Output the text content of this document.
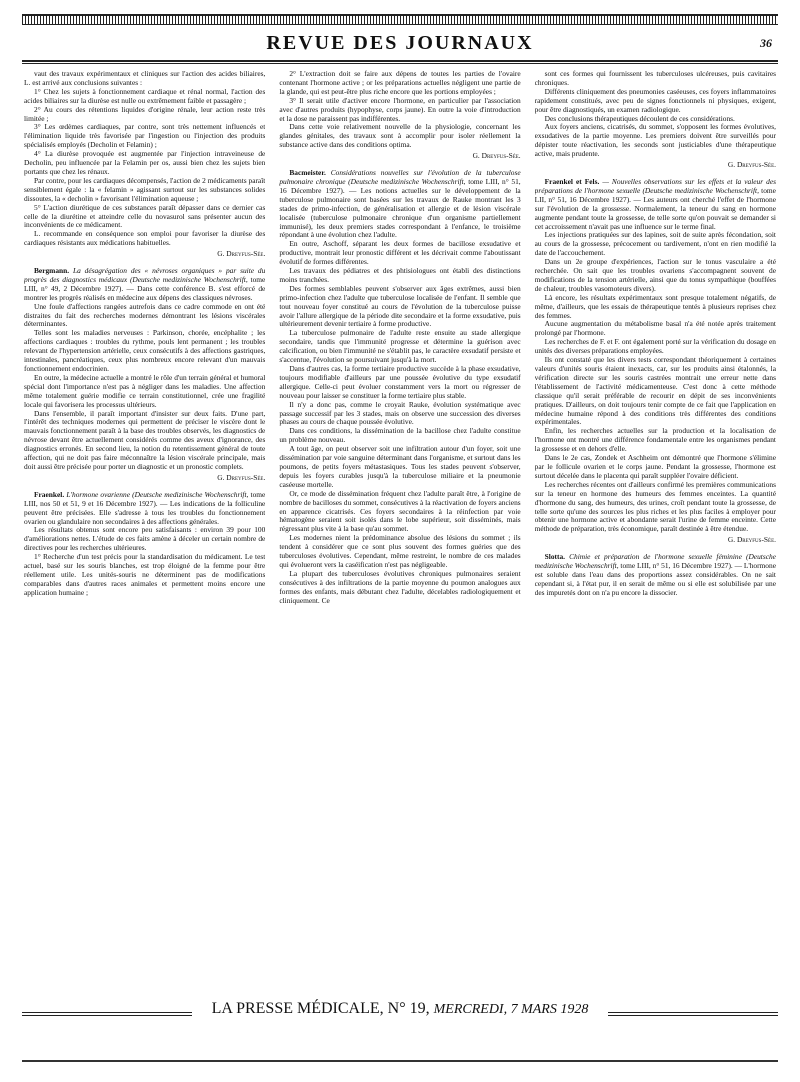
REVUE DES JOURNAUX	36

vaut des travaux expérimentaux et cliniques sur l'action des acides biliaires, L. est arrivé aux conclusions suivantes :

1° Chez les sujets à fonctionnement cardiaque et rénal normal, l'action des acides biliaires sur la diurèse est nulle ou extrêmement faible et passagère ;

2° Au cours des rétentions liquides d'origine rénale, leur action reste très limitée ;

3° Les œdèmes cardiaques, par contre, sont très nettement influencés et l'élimination liquide très favorisée par l'ingestion ou l'injection des produits spécialisés employés (Decholin et Felamin) ;

4° La diurèse provoquée est augmentée par l'injection intraveineuse de Decholin, peu influencée par la Felamin per os, aussi bien chez les sujets bien portants que chez les rénaux.

Par contre, pour les cardiaques décompensés, l'action de 2 médicaments paraît sensiblement égale : la « felamin » agissant surtout sur les substances solides dissoutes, la « decholin » favorisant l'élimination aqueuse ;

5° L'action diurétique de ces substances paraît dépasser dans ce dernier cas celle de la diurétine et atteindre celle du novasurol sans présenter aucun des inconvénients de ce médicament.

L. recommande en conséquence son emploi pour favoriser la diurèse des cardiaques résistants aux médications habituelles.

G. Dreyfus-Sée.

Bergmann. La désagrégation des « névroses organiques » par suite du progrès des diagnostics médicaux (Deutsche medizinische Wochenschrift, tome LIII, n° 49, 2 Décembre 1927). — Dans cette conférence B. s'est efforcé de montrer les progrès réalisés en médecine aux dépens des classiques névroses.

Une foule d'affections rangées autrefois dans ce cadre commode en ont été distraites du fait des recherches modernes démontrant les lésions viscérales déterminantes.

Telles sont les maladies nerveuses : Parkinson, chorée, encéphalite ; les affections cardiaques : troubles du rythme, pouls lent permanent ; les troubles relevant de l'hypertension artérielle, ceux consécutifs à des affections gastriques, intestinales, pancréatiques, ceux plus nombreux encore relevant d'un mauvais fonctionnement endocrinien.

En outre, la médecine actuelle a montré le rôle d'un terrain général et humoral spécial dont l'importance n'est pas à négliger dans les maladies. Une affection même totalement guérie modifie ce terrain constitutionnel, crée une fragilité locale qui favorisera les processus ultérieurs.

Dans l'ensemble, il paraît important d'insister sur deux faits. D'une part, l'intérêt des techniques modernes qui permettent de préciser le viscère dont le mauvais fonctionnement paraît à la base des troubles observés, les diagnostics de névrose devant être actuellement considérés comme des aveux d'ignorance, des diagnostics erronés. En second lieu, la notion du retentissement général de toute affection, qui ne doit pas faire méconnaître la lésion viscérale principale, mais doit aussi être précisée pour porter un diagnostic et un pronostic complets.

G. Dreyfus-Sée.

Fraenkel. L'hormone ovarienne (Deutsche medizinische Wochenschrift, tome LIII, nos 50 et 51, 9 et 16 Décembre 1927). — Les indications de la folliculine peuvent être précisées. Elle s'adresse à tous les troubles du fonctionnement ovarien ou glandulaire non secondaires à des affections générales.

Les résultats obtenus sont encore peu satisfaisants : environ 39 pour 100 d'améliorations nettes. L'étude de ces faits amène à déceler un certain nombre de directives pour les recherches ultérieures.

1° Recherche d'un test précis pour la standardisation du médicament. Le test actuel, basé sur les souris blanches, est trop éloigné de la femme pour être réellement utile. Les unités-souris ne déterminent pas de modifications comparables dans d'autres races animales et permettent moins encore une application humaine ;

2° L'extraction doit se faire aux dépens de toutes les parties de l'ovaire contenant l'hormone active ; or les préparations actuelles négligent une partie de la glande, qui est peut-être plus riche encore que les portions employées ;

3° Il serait utile d'activer encore l'hormone, en particulier par l'association avec d'autres produits (hypophyse, corps jaune). En outre la voie d'introduction et la dose ne paraissent pas indifférentes.

Dans cette voie relativement nouvelle de la physiologie, concernant les glandes génitales, des travaux sont à accomplir pour isoler réellement la substance active dans des conditions optima.

G. Dreyfus-Sée.

Bacmeister. Considérations nouvelles sur l'évolution de la tuberculose pulmonaire chronique (Deutsche medizinische Wochenschrift, tome LIII, n° 51, 16 Décembre 1927). — Les notions actuelles sur le développement de la tuberculose pulmonaire sont basées sur les travaux de Rauke montrant les 3 stades de primo-infection, de généralisation et allergie et de lésion viscérale localisée (tuberculose pulmonaire chronique d'un organisme partiellement immunisé), les deux premiers stades correspondant à l'enfance, le troisième répondant à une évolution chez l'adulte.

En outre, Aschoff, séparant les deux formes de bacillose exsudative et productive, montrait leur pronostic différent et les décrivait comme l'aboutissant évolutif de formes différentes.

Les travaux des pédiatres et des phtisiologues ont établi des distinctions moins tranchées.

Des formes semblables peuvent s'observer aux âges extrêmes, aussi bien primo-infection chez l'adulte que tuberculose localisée de l'enfant. Il semble que tout nouveau foyer constitué au cours de l'évolution de la tuberculose puisse avoir l'allure allergique de la période dite secondaire et la forme exsudative, puis ultérieurement devenir tertiaire à forme productive.

La tuberculose pulmonaire de l'adulte reste ensuite au stade allergique secondaire, tandis que l'immunité progresse et détermine la guérison avec calcification, ou bien l'immunité ne s'établit pas, le caractère exsudatif persiste et s'accentue, l'évolution se poursuivant jusqu'à la mort.

Dans d'autres cas, la forme tertiaire productive succède à la phase exsudative, toujours modifiable d'ailleurs par une poussée évolutive du type exsudatif allergique. Celle-ci peut évoluer constamment vers la mort ou régresser de nouveau pour laisser se constituer la forme tertiaire plus stable.

Il n'y a donc pas, comme le croyait Rauke, évolution systématique avec passage successif par les 3 stades, mais on observe une succession des diverses phases au cours de chaque poussée évolutive.

Dans ces conditions, la dissémination de la bacillose chez l'adulte constitue un problème nouveau.

A tout âge, on peut observer soit une infiltration autour d'un foyer, soit une dissémination par voie sanguine déterminant dans l'organisme, et surtout dans les poumons, de petits foyers métastasiques. Tous les stades peuvent s'observer, depuis les foyers curables jusqu'à la tuberculose miliaire et la pneumonie caséeuse mortelle.

Or, ce mode de dissémination fréquent chez l'adulte paraît être, à l'origine de nombre de bacilloses du sommet, consécutives à la réactivation de foyers anciens en apparence cicatrisés. Ces foyers secondaires à la réinfection par voie hématogène seraient soit isolés dans le lobe supérieur, soit disséminés, mais régressant plus vite à la base qu'au sommet.

Les modernes nient la prédominance absolue des lésions du sommet ; ils tendent à considérer que ce sont plus souvent des formes guéries que des tuberculoses évolutives. Cependant, même restreint, le nombre de ces malades qui évolueront vers la caséification n'est pas négligeable.

La plupart des tuberculoses évolutives chroniques pulmonaires seraient consécutives à des infiltrations de la partie moyenne du poumon analogues aux formes des enfants, mais débutant chez l'adulte, décelables radiologiquement et cliniquement. Ce

sont ces formes qui fournissent les tuberculoses ulcéreuses, puis cavitaires chroniques.

Différents cliniquement des pneumonies caséeuses, ces foyers inflammatoires rapidement constitués, avec peu de signes fonctionnels ni physiques, exigent, pour être diagnostiqués, un examen radiologique.

Des conclusions thérapeutiques découlent de ces considérations.

Aux foyers anciens, cicatrisés, du sommet, s'opposent les formes évolutives, exsudatives de la partie moyenne. Les premiers doivent être surveillés pour dépister toute réactivation, les seconds sont justiciables d'une thérapeutique active, mais prudente.

G. Dreyfus-Sée.

Fraenkel et Fels. — Nouvelles observations sur les effets et la valeur des préparations de l'hormone sexuelle (Deutsche medizinische Wochenschrift, tome LII, n° 51, 16 Décembre 1927). — Les auteurs ont cherché l'effet de l'hormone sur l'évolution de la grossesse. Normalement, la teneur du sang en hormone augmente pendant toute la grossesse, de telle sorte qu'on pouvait se demander si cet accroissement n'avait pas une influence sur le terme final.

Les injections pratiquées sur des lapines, soit de suite après fécondation, soit au cours de la grossesse, précocement ou tardivement, n'ont en rien modifié la date de l'accouchement.

Dans un 2e groupe d'expériences, l'action sur le tonus vasculaire a été recherchée. On sait que les troubles ovariens s'accompagnent souvent de modifications de la tension artérielle, ainsi que du tonus sympathique (bouffées de chaleur, troubles vasomoteurs divers).

Là encore, les résultats expérimentaux sont presque totalement négatifs, de même, d'ailleurs, que les essais de thérapeutique tentés à plusieurs reprises chez des femmes.

Aucune augmentation du métabolisme basal n'a été notée après traitement prolongé par l'hormone.

Les recherches de F. et F. ont également porté sur la vérification du dosage en unités des diverses préparations employées.

Ils ont constaté que les divers tests correspondant théoriquement à certaines valeurs d'unités souris étaient inexacts, car, sur les produits ainsi étalonnés, la vérification directe sur les souris castrées montrait une erreur nette dans l'établissement de l'activité médicamenteuse. C'est donc à cette méthode classique qu'il serait préférable de recourir en dépit de ses inconvénients pratiques. D'ailleurs, on doit toujours tenir compte de ce fait que l'application en médecine humaine répond à des conditions très différentes des conditions expérimentales.

Enfin, les recherches actuelles sur la production et la localisation de l'hormone ont montré une différence fondamentale entre les organismes pendant la grossesse et en dehors d'elle.

Dans le 2e cas, Zondek et Aschheim ont démontré que l'hormone s'élimine par le follicule ovarien et le corps jaune. Pendant la grossesse, l'hormone est surtout décelée dans le placenta qui paraît suppléer l'ovaire déficient.

Les recherches récentes ont d'ailleurs confirmé les premières communications sur la teneur en hormone des humeurs des femmes enceintes. La quantité d'hormone du sang, des humeurs, des urines, croît pendant toute la grossesse, de telle sorte qu'une des sources les plus riches et les plus faciles à employer pour obtenir une hormone active et abondante serait l'urine de femme enceinte. Cette méthode de préparation, très économique, paraît destinée à être étendue.

G. Dreyfus-Sée.

Slotta. Chimie et préparation de l'hormone sexuelle féminine (Deutsche medizinische Wochenschrift, tome LIII, n° 51, 16 Décembre 1927). — L'hormone est soluble dans l'eau dans des proportions assez considérables. On ne sait cependant si, à l'état pur, il en serait de même ou si elle est solubilisée par une des impuretés dont on n'a pu encore la dissocier.

LA PRESSE MÉDICALE, N° 19, MERCREDI, 7 MARS 1928
